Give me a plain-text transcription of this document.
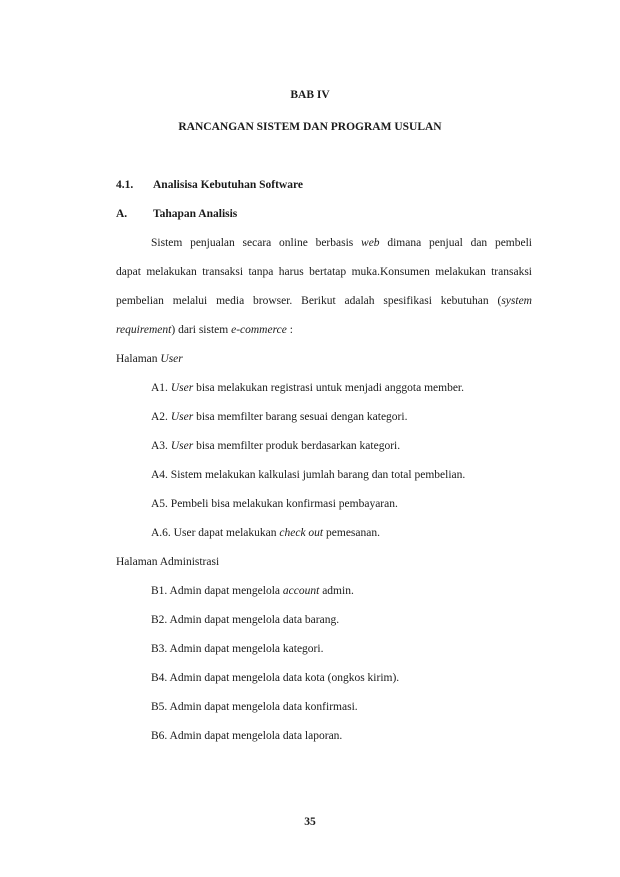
BAB IV
RANCANGAN SISTEM DAN PROGRAM USULAN
4.1. Analisisa Kebutuhan Software
A. Tahapan Analisis
Sistem penjualan secara online berbasis web dimana penjual dan pembeli
dapat melakukan transaksi tanpa harus bertatap muka.Konsumen melakukan transaksi
pembelian melalui media browser. Berikut adalah spesifikasi kebutuhan (system
requirement) dari sistem e-commerce :
Halaman User
A1. User bisa melakukan registrasi untuk menjadi anggota member.
A2. User bisa memfilter barang sesuai dengan kategori.
A3. User bisa memfilter produk berdasarkan kategori.
A4. Sistem melakukan kalkulasi jumlah barang dan total pembelian.
A5. Pembeli bisa melakukan konfirmasi pembayaran.
A.6. User dapat melakukan check out pemesanan.
Halaman Administrasi
B1. Admin dapat mengelola account admin.
B2. Admin dapat mengelola data barang.
B3. Admin dapat mengelola kategori.
B4. Admin dapat mengelola data kota (ongkos kirim).
B5. Admin dapat mengelola data konfirmasi.
B6. Admin dapat mengelola data laporan.
35
